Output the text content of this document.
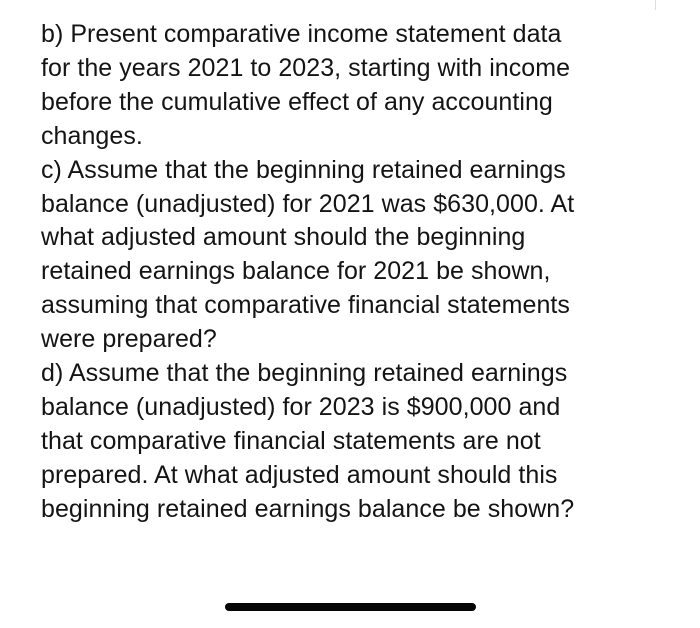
b) Present comparative income statement data
for the years 2021 to 2023, starting with income
before the cumulative effect of any accounting
changes.
c) Assume that the beginning retained earnings
balance (unadjusted) for 2021 was $630,000. At
what adjusted amount should the beginning
retained earnings balance for 2021 be shown,
assuming that comparative financial statements
were prepared?
d) Assume that the beginning retained earnings
balance (unadjusted) for 2023 is $900,000 and
that comparative financial statements are not
prepared. At what adjusted amount should this
beginning retained earnings balance be shown?
